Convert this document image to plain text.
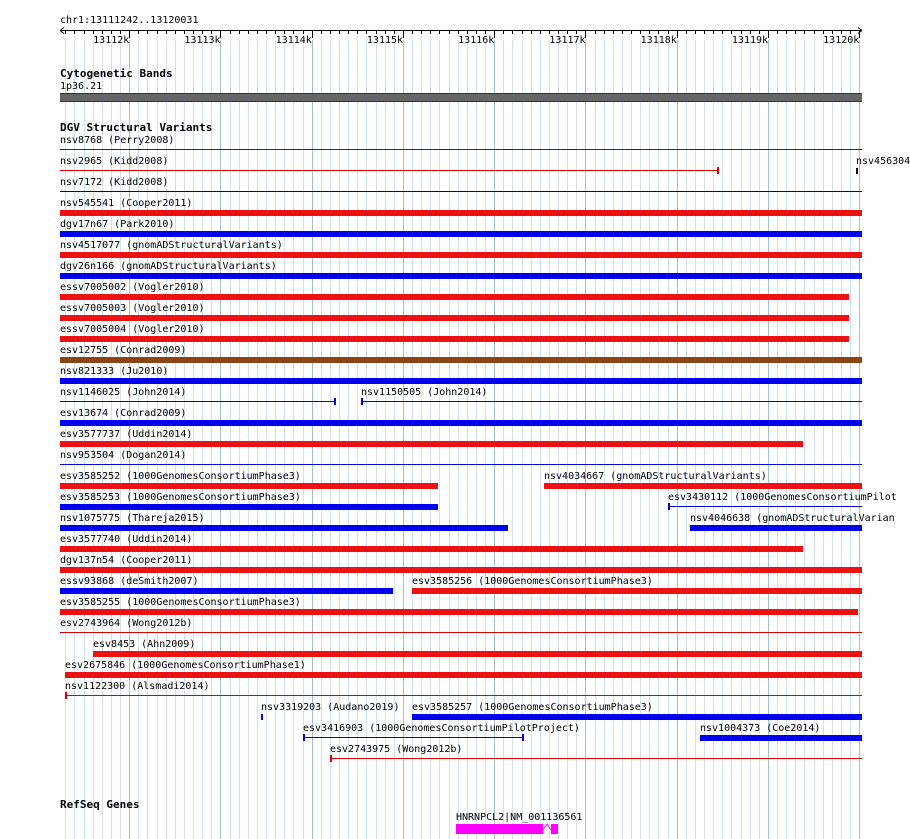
chr1:13111242..13120031
13112k	13113k	13114k	13115k	13116k	13117k	13118k	13119k	13120k
Cytogenetic Bands
1p36.21
DGV Structural Variants
nsv8768 (Perry2008)
nsv2965 (Kidd2008)	nsv456304
nsv7172 (Kidd2008)
nsv545541 (Cooper2011)
dgv17n67 (Park2010)
nsv4517077 (gnomADStructuralVariants)
dgv26n166 (gnomADStructuralVariants)
essv7005002 (Vogler2010)
essv7005003 (Vogler2010)
essv7005004 (Vogler2010)
esv12755 (Conrad2009)
nsv821333 (Ju2010)
nsv1146025 (John2014)	nsv1150505 (John2014)
esv13674 (Conrad2009)
esv3577737 (Uddin2014)
nsv953504 (Dogan2014)
esv3585252 (1000GenomesConsortiumPhase3)	nsv4034667 (gnomADStructuralVariants)
esv3585253 (1000GenomesConsortiumPhase3)	esv3430112 (1000GenomesConsortiumPilot
nsv1075775 (Thareja2015)	nsv4046638 (gnomADStructuralVarian
esv3577740 (Uddin2014)
dgv137n54 (Cooper2011)
essv93868 (deSmith2007)	esv3585256 (1000GenomesConsortiumPhase3)
esv3585255 (1000GenomesConsortiumPhase3)
esv2743964 (Wong2012b)
esv8453 (Ahn2009)
esv2675846 (1000GenomesConsortiumPhase1)
nsv1122300 (Alsmadi2014)
nsv3319203 (Audano2019) esv3585257 (1000GenomesConsortiumPhase3)
esv3416903 (1000GenomesConsortiumPilotProject)	nsv1004373 (Coe2014)
esv2743975 (Wong2012b)
RefSeq Genes
HNRNPCL2|NM_001136561
